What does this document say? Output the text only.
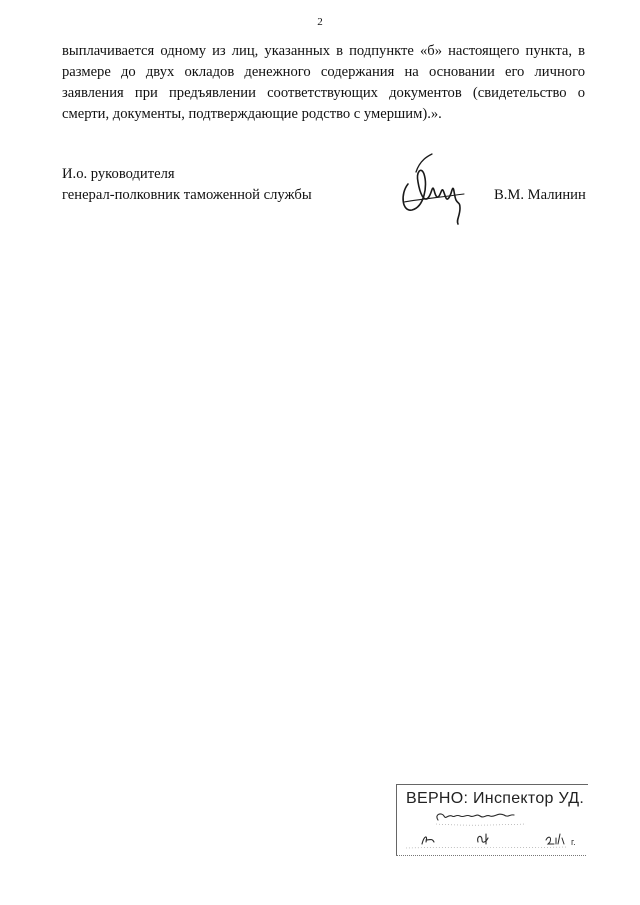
2
выплачивается одному из лиц, указанных в подпункте «б» настоящего пункта, в
размере до двух окладов денежного содержания на основании его личного
заявления при предъявлении соответствующих документов (свидетельство о
смерти, документы, подтверждающие родство с умершим).».
И.о. руководителя
генерал-полковник таможенной службы	В.М. Малинин
ВЕРНО: Инспектор УД.
г.
